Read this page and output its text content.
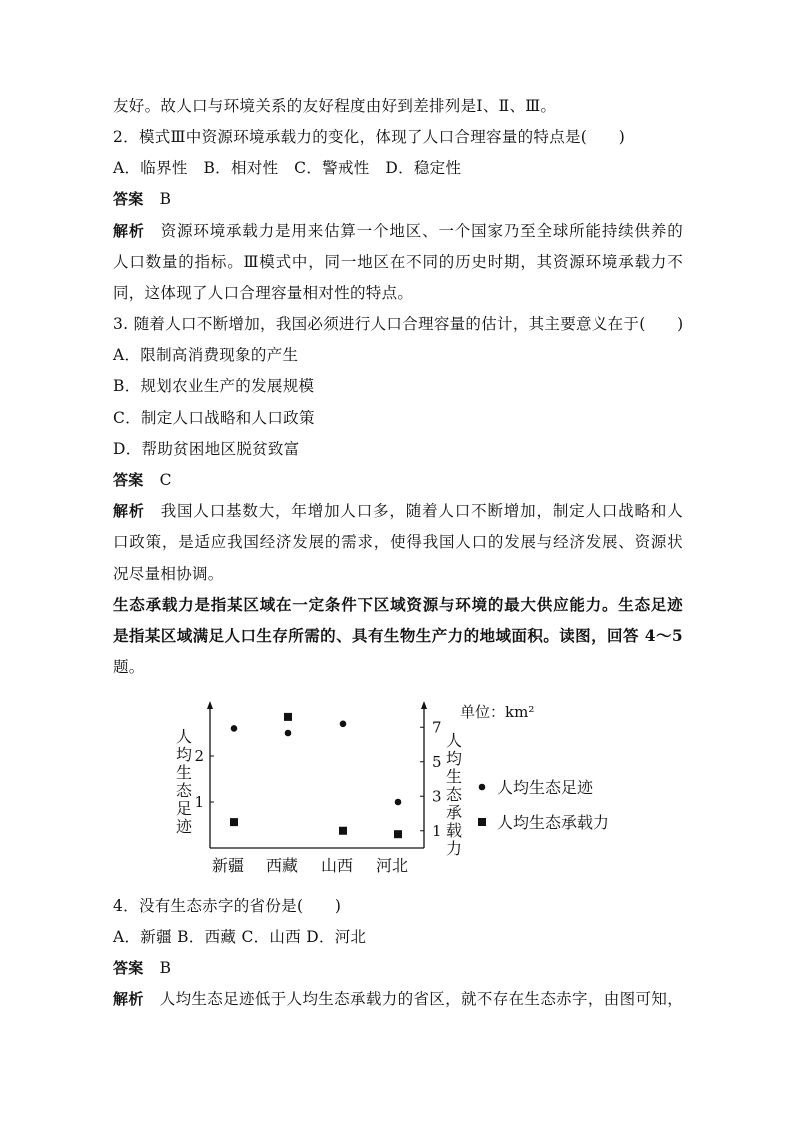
友好。故人口与环境关系的友好程度由好到差排列是Ⅰ、Ⅱ、Ⅲ。
2．模式Ⅲ中资源环境承载力的变化，体现了人口合理容量的特点是(　　)
A．临界性　B．相对性　C．警戒性　D．稳定性
答案 B
解析 资源环境承载力是用来估算一个地区、一个国家乃至全球所能持续供养的
人口数量的指标。Ⅲ模式中，同一地区在不同的历史时期，其资源环境承载力不
同，这体现了人口合理容量相对性的特点。
3. 随着人口不断增加，我国必须进行人口合理容量的估计，其主要意义在于(　　)
A．限制高消费现象的产生
B．规划农业生产的发展规模
C．制定人口战略和人口政策
D．帮助贫困地区脱贫致富
答案 C
解析 我国人口基数大，年增加人口多，随着人口不断增加，制定人口战略和人
口政策，是适应我国经济发展的需求，使得我国人口的发展与经济发展、资源状
况尽量相协调。
生态承载力是指某区域在一定条件下区域资源与环境的最大供应能力。生态足迹
是指某区域满足人口生存所需的、具有生物生产力的地域面积。读图，回答 4～5
题。
1
2
1
3
5
7
新疆 西藏 山西 河北
人
均
生
态
足
迹
人
均
生
态
承
载
力
单位：km²
人均生态足迹
人均生态承载力
4．没有生态赤字的省份是(　　)
A．新疆 B．西藏 C．山西 D．河北
答案 B
解析 人均生态足迹低于人均生态承载力的省区，就不存在生态赤字，由图可知，
